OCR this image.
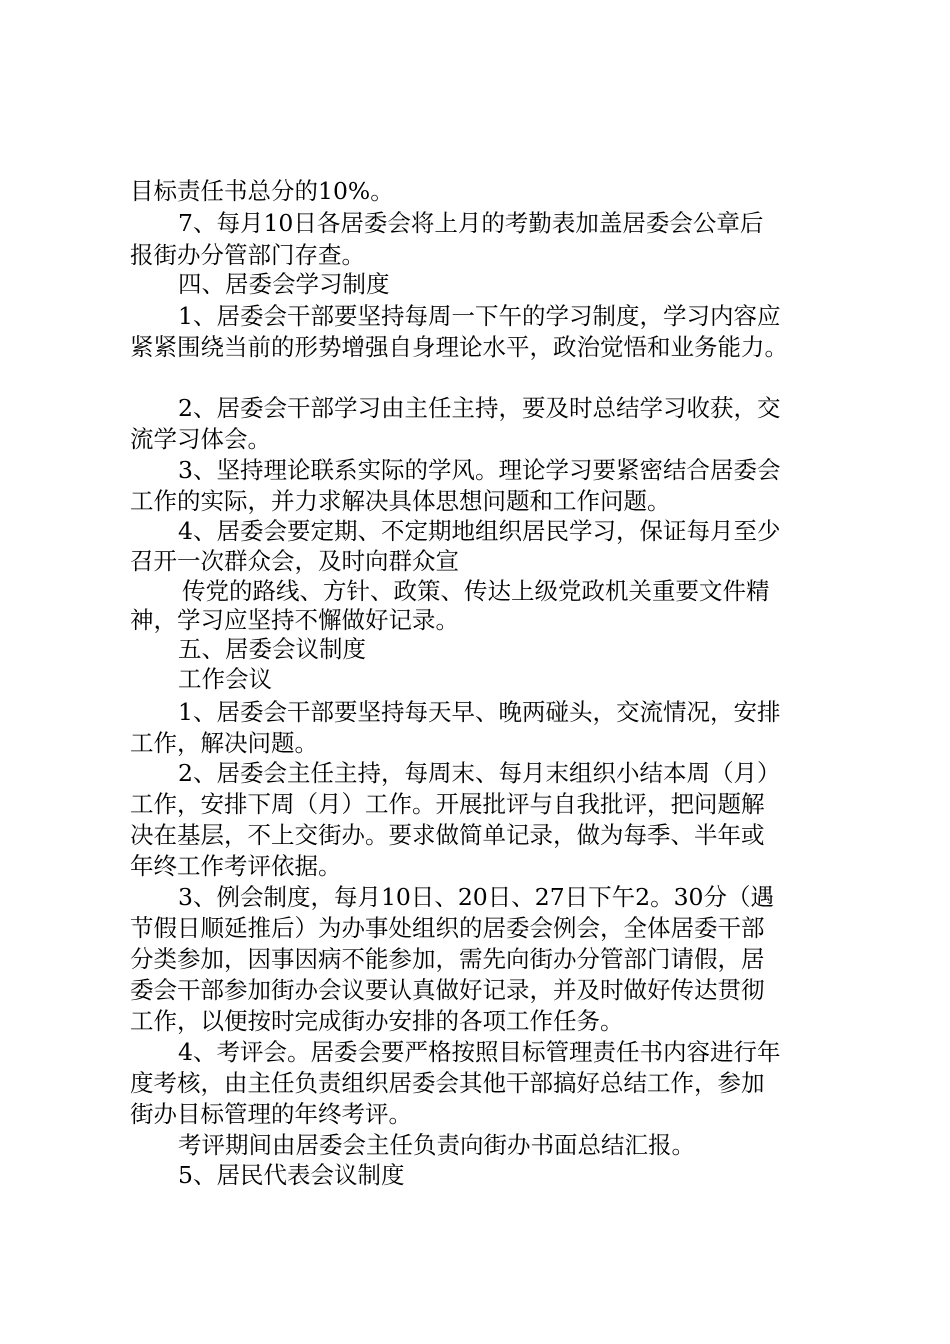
目标责任书总分的10%。
7、每月10日各居委会将上月的考勤表加盖居委会公章后
报街办分管部门存查。
四、居委会学习制度
1、居委会干部要坚持每周一下午的学习制度，学习内容应
紧紧围绕当前的形势增强自身理论水平，政治觉悟和业务能力。
2、居委会干部学习由主任主持，要及时总结学习收获，交
流学习体会。
3、坚持理论联系实际的学风。理论学习要紧密结合居委会
工作的实际，并力求解决具体思想问题和工作问题。
4、居委会要定期、不定期地组织居民学习，保证每月至少
召开一次群众会，及时向群众宣
传党的路线、方针、政策、传达上级党政机关重要文件精
神，学习应坚持不懈做好记录。
五、居委会议制度
工作会议
1、居委会干部要坚持每天早、晚两碰头，交流情况，安排
工作，解决问题。
2、居委会主任主持，每周末、每月末组织小结本周（月）
工作，安排下周（月）工作。开展批评与自我批评，把问题解
决在基层，不上交街办。要求做简单记录，做为每季、半年或
年终工作考评依据。
3、例会制度，每月10日、20日、27日下午2。30分（遇
节假日顺延推后）为办事处组织的居委会例会，全体居委干部
分类参加，因事因病不能参加，需先向街办分管部门请假，居
委会干部参加街办会议要认真做好记录，并及时做好传达贯彻
工作，以便按时完成街办安排的各项工作任务。
4、考评会。居委会要严格按照目标管理责任书内容进行年
度考核，由主任负责组织居委会其他干部搞好总结工作，参加
街办目标管理的年终考评。
考评期间由居委会主任负责向街办书面总结汇报。
5、居民代表会议制度
